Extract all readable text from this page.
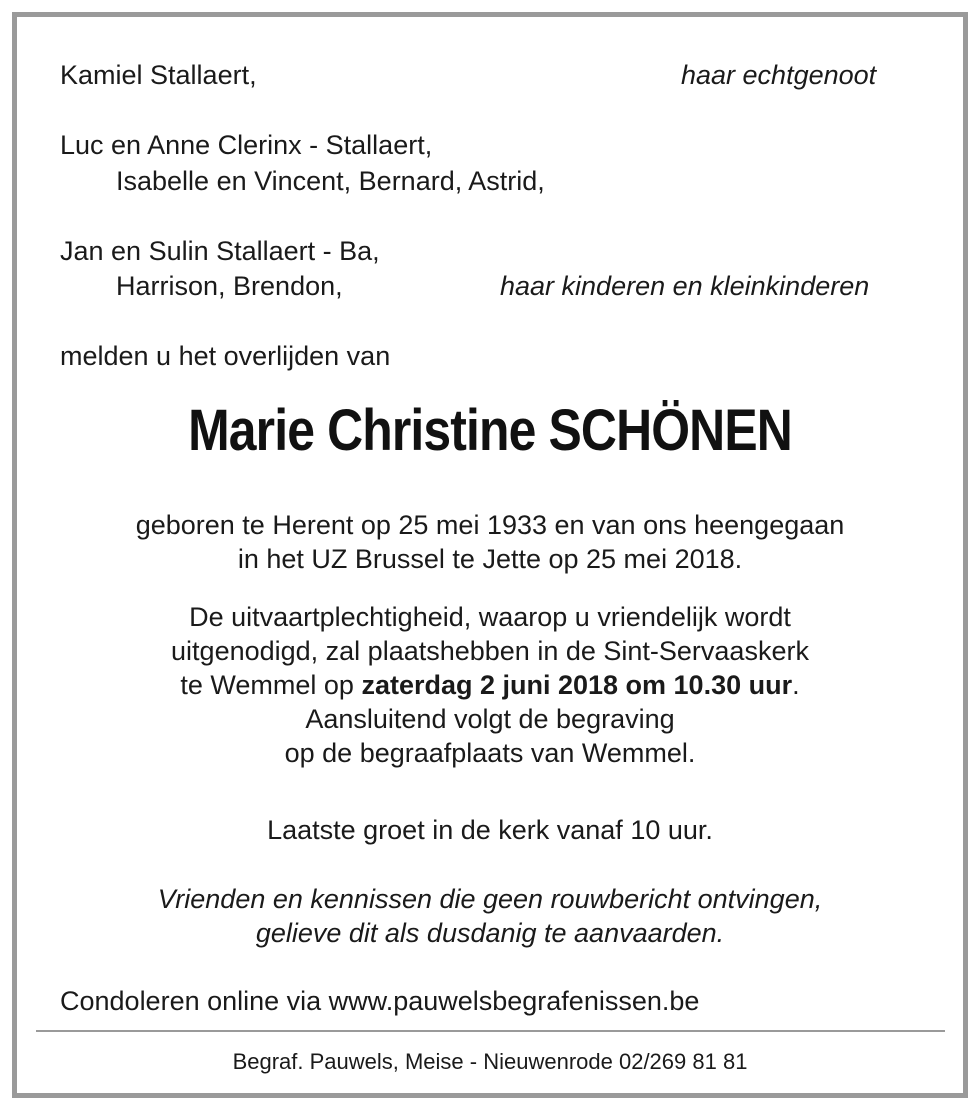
Kamiel Stallaert,	haar echtgenoot
Luc en Anne Clerinx - Stallaert,
Isabelle en Vincent, Bernard, Astrid,
Jan en Sulin Stallaert - Ba,
Harrison, Brendon,	haar kinderen en kleinkinderen
melden u het overlijden van
Marie Christine SCHÖNEN
geboren te Herent op 25 mei 1933 en van ons heengegaan
in het UZ Brussel te Jette op 25 mei 2018.
De uitvaartplechtigheid, waarop u vriendelijk wordt
uitgenodigd, zal plaatshebben in de Sint-Servaaskerk
te Wemmel op zaterdag 2 juni 2018 om 10.30 uur.
Aansluitend volgt de begraving
op de begraafplaats van Wemmel.
Laatste groet in de kerk vanaf 10 uur.
Vrienden en kennissen die geen rouwbericht ontvingen,
gelieve dit als dusdanig te aanvaarden.
Condoleren online via www.pauwelsbegrafenissen.be
Begraf. Pauwels, Meise - Nieuwenrode 02/269 81 81
